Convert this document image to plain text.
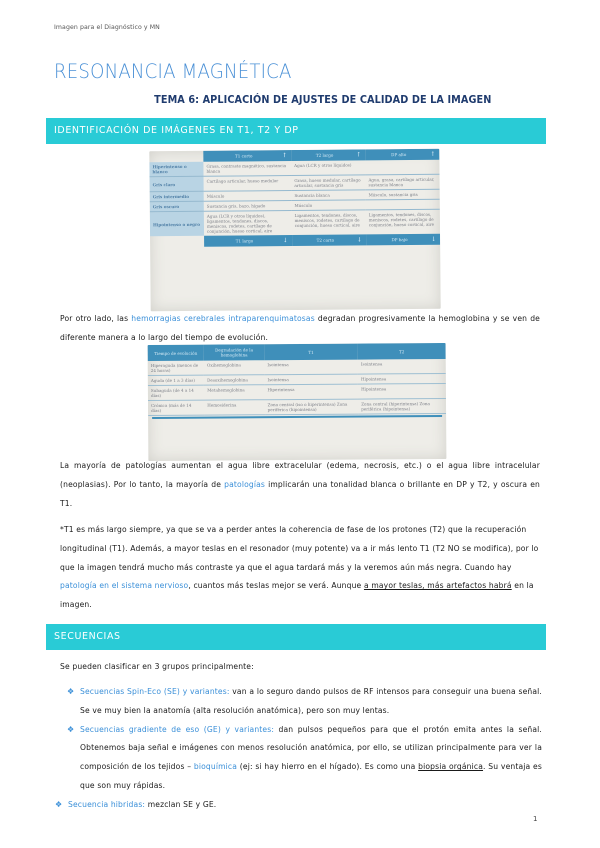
Imagen para el Diagnóstico y MN
RESONANCIA MAGNÉTICA
TEMA 6: APLICACIÓN DE AJUSTES DE CALIDAD DE LA IMAGEN
IDENTIFICACIÓN DE IMÁGENES EN T1, T2 Y DP
	T1 corto ↑	T2 largo ↑	DP alto ↑

Hiperintenso o blanco	Grasa, contraste magnético, sustancia blanca	Agua (LCR y otros líquidos)	
Gris claro	Cartílago articular, hueso medular	Grasa, hueso medular, cartílago articular, sustancia gris	Agua, grasa, cartílago articular, sustancia blanca
Gris intermedio	Músculo	Sustancia blanca	Músculo, sustancia gris
Gris oscuro	Sustancia gris, bazo, hígado	Músculo	
Hipointenso o negro	Agua (LCR y otros líquidos), ligamentos, tendones, discos, meniscos, rodetes, cartílago de conjunción, hueso cortical, aire	Ligamentos, tendones, discos, meniscos, rodetes, cartílago de conjunción, hueso cortical, aire	Ligamentos, tendones, discos, meniscos, rodetes, cartílago de conjunción, hueso cortical, aire
	T1 largo ↓	T2 corto ↓	DP bajo ↓

Por otro lado, las hemorragias cerebrales intraparenquimatosas degradan progresivamente la hemoglobina y se ven de diferente manera a lo largo del tiempo de evolución.

Tiempo de evolución	Degradación de la hemoglobina	T1	T2
Hiperaguda (menos de 24 horas)	Oxihemoglobina	Isointensa	Isointensa
Aguda (de 1 a 3 días)	Desoxihemoglobina	Isointensa	Hipointensa
Subaguda (de 4 a 14 días)	Metahemoglobina	Hiperintensa	Hipointensa
Crónica (más de 14 días)	Hemosiderina	Zona central (iso o hiperintensa) Zona periférica (hipointensa)	Zona central (hiperintensa) Zona periférica (hipointensa)

La mayoría de patologías aumentan el agua libre extracelular (edema, necrosis, etc.) o el agua libre intracelular (neoplasias). Por lo tanto, la mayoría de patologías implicarán una tonalidad blanca o brillante en DP y T2, y oscura en T1.

*T1 es más largo siempre, ya que se va a perder antes la coherencia de fase de los protones (T2) que la recuperación longitudinal (T1). Además, a mayor teslas en el resonador (muy potente) va a ir más lento T1 (T2 NO se modifica), por lo que la imagen tendrá mucho más contraste ya que el agua tardará más y la veremos aún más negra. Cuando hay patología en el sistema nervioso, cuantos más teslas mejor se verá. Aunque a mayor teslas, más artefactos habrá en la imagen.

SECUENCIAS

Se pueden clasificar en 3 grupos principalmente:

❖ Secuencias Spin-Eco (SE) y variantes: van a lo seguro dando pulsos de RF intensos para conseguir una buena señal. Se ve muy bien la anatomía (alta resolución anatómica), pero son muy lentas.
❖ Secuencias gradiente de eso (GE) y variantes: dan pulsos pequeños para que el protón emita antes la señal. Obtenemos baja señal e imágenes con menos resolución anatómica, por ello, se utilizan principalmente para ver la composición de los tejidos – bioquímica (ej: si hay hierro en el hígado). Es como una biopsia orgánica. Su ventaja es que son muy rápidas.
❖ Secuencia hibridas: mezclan SE y GE.
1
